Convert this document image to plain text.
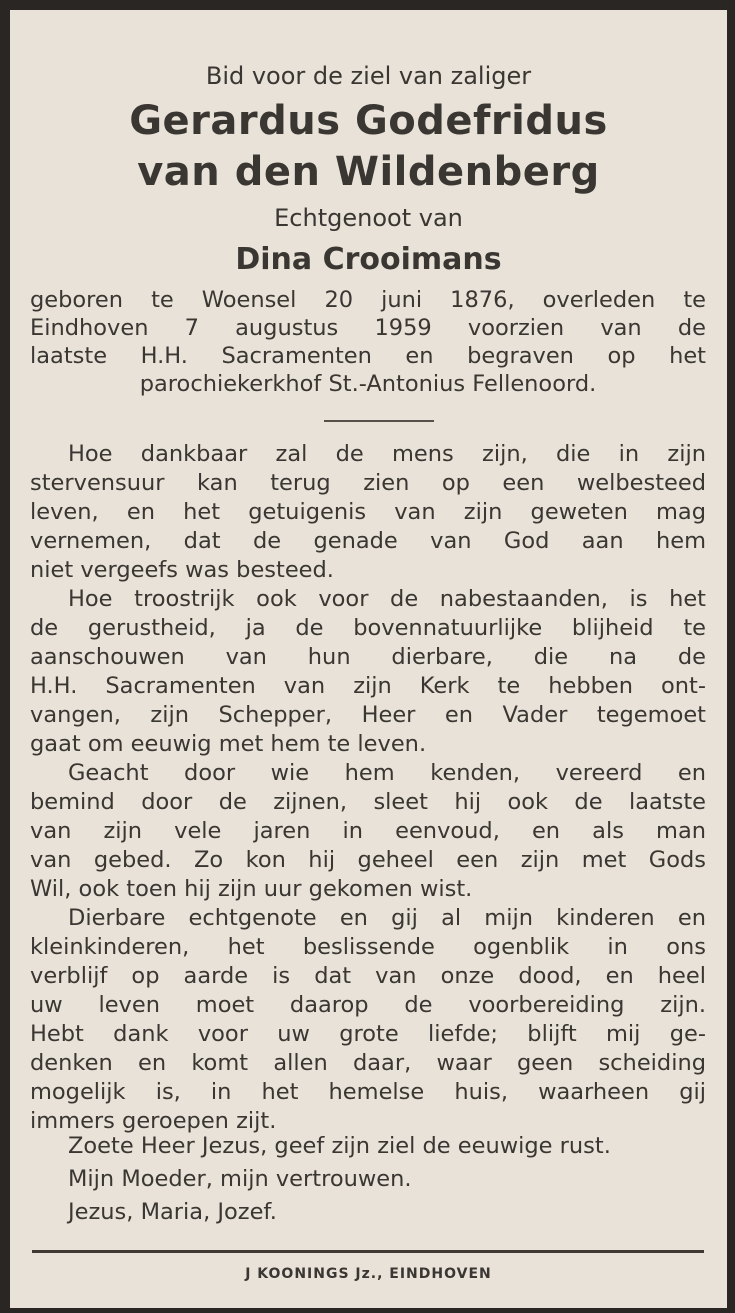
Bid voor de ziel van zaliger
Gerardus Godefridus
van den Wildenberg
Echtgenoot van
Dina Crooimans
geboren te Woensel 20 juni 1876, overleden te
Eindhoven 7 augustus 1959 voorzien van de
laatste H.H. Sacramenten en begraven op het
parochiekerkhof St.-Antonius Fellenoord.
Hoe dankbaar zal de mens zijn, die in zijn
stervensuur kan terug zien op een welbesteed
leven, en het getuigenis van zijn geweten mag
vernemen, dat de genade van God aan hem
niet vergeefs was besteed.
Hoe troostrijk ook voor de nabestaanden, is het
de gerustheid, ja de bovennatuurlijke blijheid te
aanschouwen van hun dierbare, die na de
H.H. Sacramenten van zijn Kerk te hebben ont-
vangen, zijn Schepper, Heer en Vader tegemoet
gaat om eeuwig met hem te leven.
Geacht door wie hem kenden, vereerd en
bemind door de zijnen, sleet hij ook de laatste
van zijn vele jaren in eenvoud, en als man
van gebed. Zo kon hij geheel een zijn met Gods
Wil, ook toen hij zijn uur gekomen wist.
Dierbare echtgenote en gij al mijn kinderen en
kleinkinderen, het beslissende ogenblik in ons
verblijf op aarde is dat van onze dood, en heel
uw leven moet daarop de voorbereiding zijn.
Hebt dank voor uw grote liefde; blijft mij ge-
denken en komt allen daar, waar geen scheiding
mogelijk is, in het hemelse huis, waarheen gij
immers geroepen zijt.
Zoete Heer Jezus, geef zijn ziel de eeuwige rust.
Mijn Moeder, mijn vertrouwen.
Jezus, Maria, Jozef.
J KOONINGS Jz., EINDHOVEN
